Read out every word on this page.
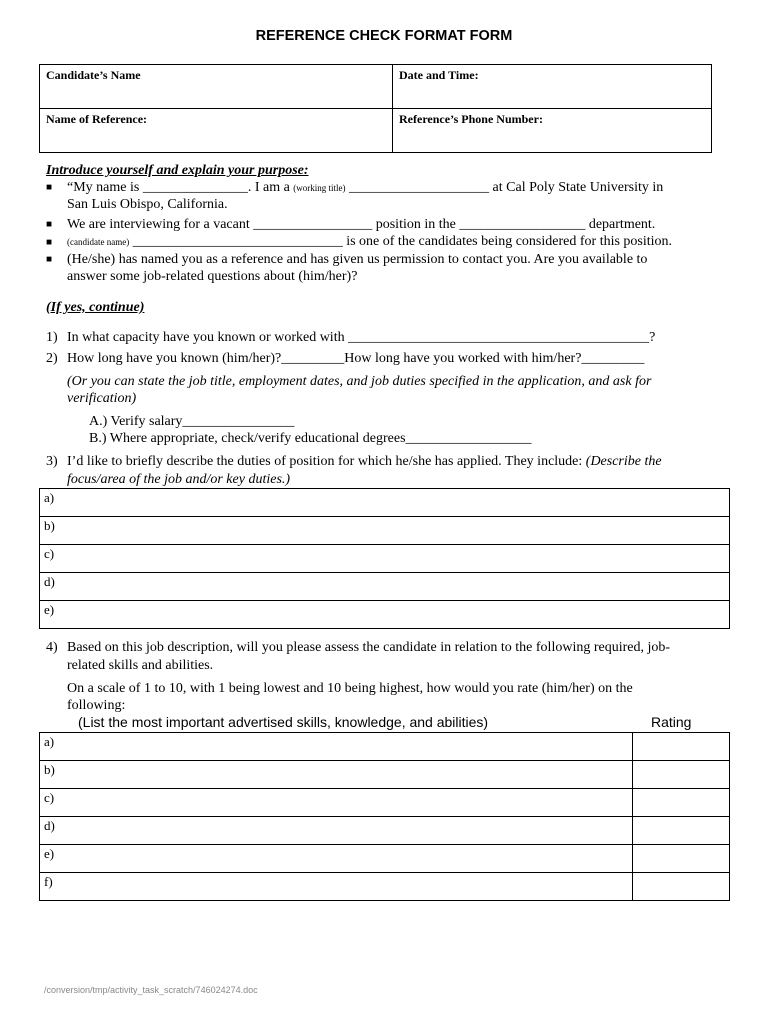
REFERENCE CHECK FORMAT FORM
Candidate’s Name	Date and Time:
Name of Reference:	Reference’s Phone Number:
Introduce yourself and explain your purpose:
■ “My name is _______________. I am a (working title) ____________________ at Cal Poly State University in
San Luis Obispo, California.
■ We are interviewing for a vacant _________________ position in the __________________ department.
■ (candidate name) ______________________________ is one of the candidates being considered for this position.
■ (He/she) has named you as a reference and has given us permission to contact you. Are you available to
answer some job-related questions about (him/her)?
(If yes, continue)
1) In what capacity have you known or worked with ___________________________________________?
2) How long have you known (him/her)?_________How long have you worked with him/her?_________
(Or you can state the job title, employment dates, and job duties specified in the application, and ask for
verification)
A.) Verify salary________________
B.) Where appropriate, check/verify educational degrees__________________
3) I’d like to briefly describe the duties of position for which he/she has applied. They include: (Describe the
focus/area of the job and/or key duties.)
a)
b)
c)
d)
e)
4) Based on this job description, will you please assess the candidate in relation to the following required, job-
related skills and abilities.
On a scale of 1 to 10, with 1 being lowest and 10 being highest, how would you rate (him/her) on the
following:
(List the most important advertised skills, knowledge, and abilities)	Rating
a)	
b)	
c)	
d)	
e)	
f)	
/conversion/tmp/activity_task_scratch/746024274.doc
